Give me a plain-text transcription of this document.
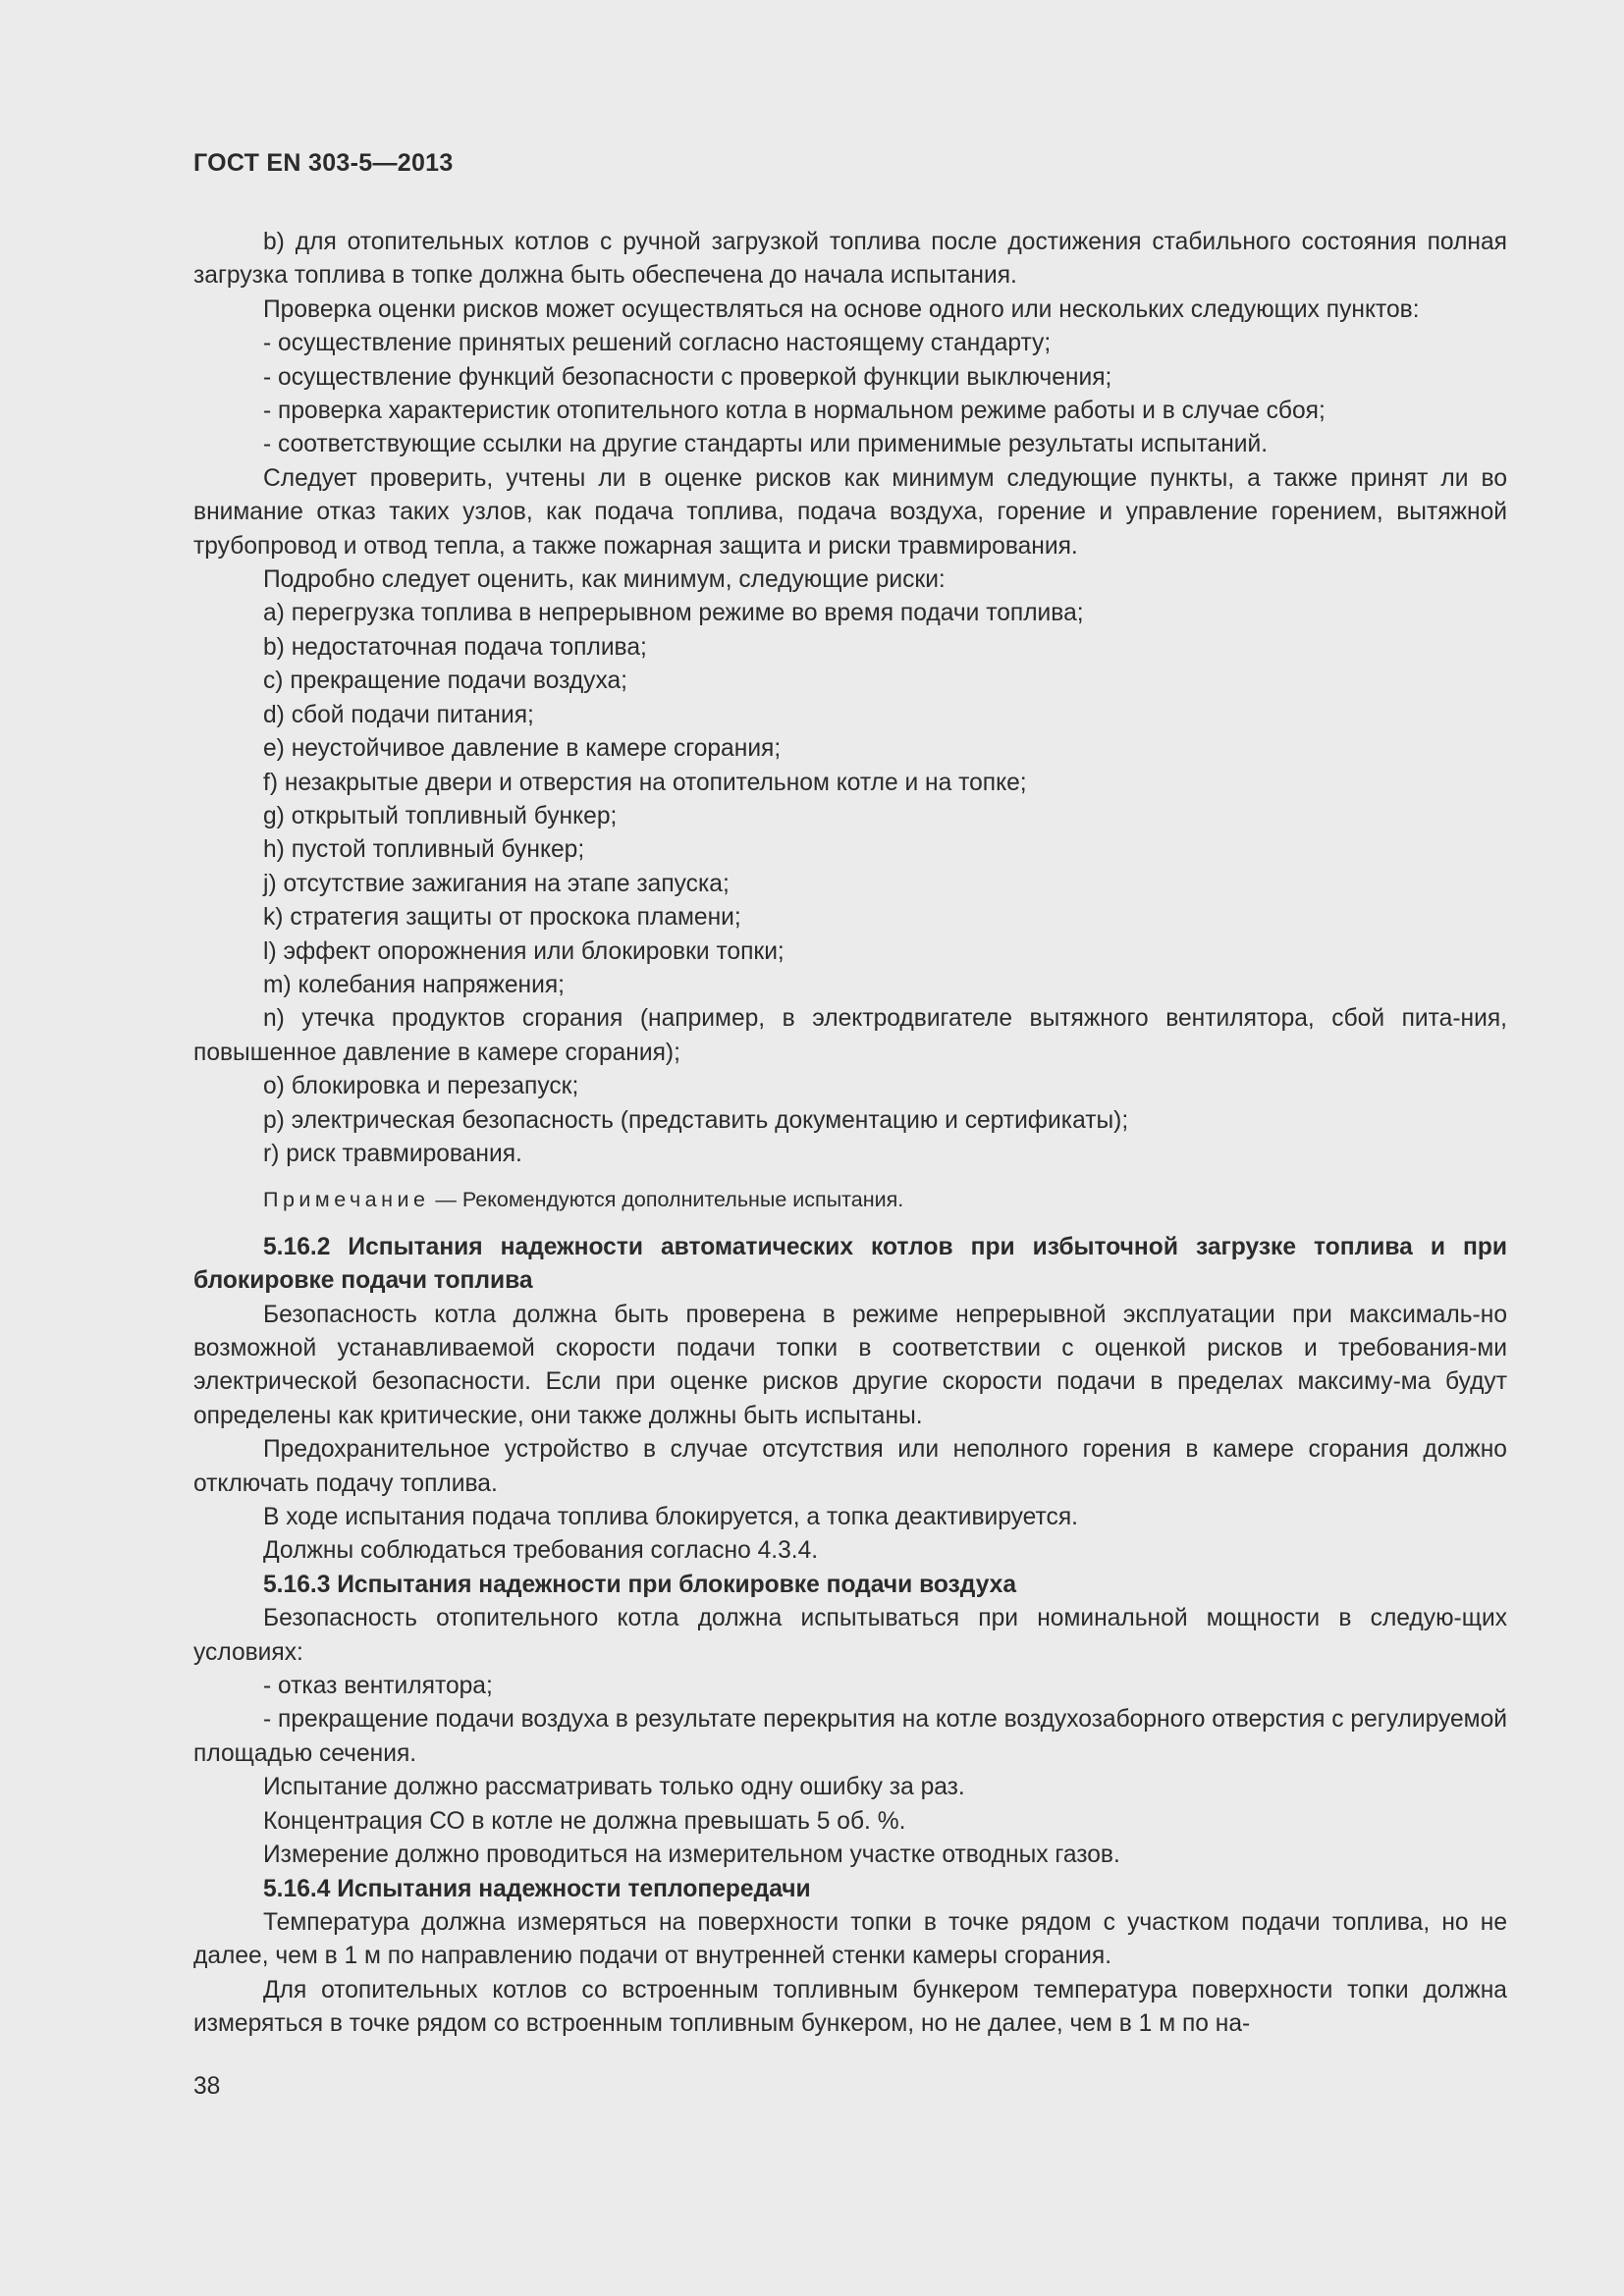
ГОСТ EN 303-5—2013

b) для отопительных котлов с ручной загрузкой топлива после достижения стабильного состояния полная загрузка топлива в топке должна быть обеспечена до начала испытания.

Проверка оценки рисков может осуществляться на основе одного или нескольких следующих пунктов:

- осуществление принятых решений согласно настоящему стандарту;

- осуществление функций безопасности с проверкой функции выключения;

- проверка характеристик отопительного котла в нормальном режиме работы и в случае сбоя;

- соответствующие ссылки на другие стандарты или применимые результаты испытаний.

Следует проверить, учтены ли в оценке рисков как минимум следующие пункты, а также принят ли во внимание отказ таких узлов, как подача топлива, подача воздуха, горение и управление горением, вытяжной трубопровод и отвод тепла, а также пожарная защита и риски травмирования.

Подробно следует оценить, как минимум, следующие риски:

a) перегрузка топлива в непрерывном режиме во время подачи топлива;

b) недостаточная подача топлива;

c) прекращение подачи воздуха;

d) сбой подачи питания;

e) неустойчивое давление в камере сгорания;

f) незакрытые двери и отверстия на отопительном котле и на топке;

g) открытый топливный бункер;

h) пустой топливный бункер;

j) отсутствие зажигания на этапе запуска;

k) стратегия защиты от проскока пламени;

l) эффект опорожнения или блокировки топки;

m) колебания напряжения;

n) утечка продуктов сгорания (например, в электродвигателе вытяжного вентилятора, сбой пита-ния, повышенное давление в камере сгорания);

o) блокировка и перезапуск;

p) электрическая безопасность (представить документацию и сертификаты);

r) риск травмирования.

Примечание — Рекомендуются дополнительные испытания.

5.16.2 Испытания надежности автоматических котлов при избыточной загрузке топлива и при блокировке подачи топлива

Безопасность котла должна быть проверена в режиме непрерывной эксплуатации при максималь-но возможной устанавливаемой скорости подачи топки в соответствии с оценкой рисков и требования-ми электрической безопасности. Если при оценке рисков другие скорости подачи в пределах максиму-ма будут определены как критические, они также должны быть испытаны.

Предохранительное устройство в случае отсутствия или неполного горения в камере сгорания должно отключать подачу топлива.

В ходе испытания подача топлива блокируется, а топка деактивируется.

Должны соблюдаться требования согласно 4.3.4.

5.16.3 Испытания надежности при блокировке подачи воздуха

Безопасность отопительного котла должна испытываться при номинальной мощности в следую-щих условиях:

- отказ вентилятора;

- прекращение подачи воздуха в результате перекрытия на котле воздухозаборного отверстия с регулируемой площадью сечения.

Испытание должно рассматривать только одну ошибку за раз.

Концентрация СО в котле не должна превышать 5 об. %.

Измерение должно проводиться на измерительном участке отводных газов.

5.16.4 Испытания надежности теплопередачи

Температура должна измеряться на поверхности топки в точке рядом с участком подачи топлива, но не далее, чем в 1 м по направлению подачи от внутренней стенки камеры сгорания.

Для отопительных котлов со встроенным топливным бункером температура поверхности топки должна измеряться в точке рядом со встроенным топливным бункером, но не далее, чем в 1 м по на-

38
